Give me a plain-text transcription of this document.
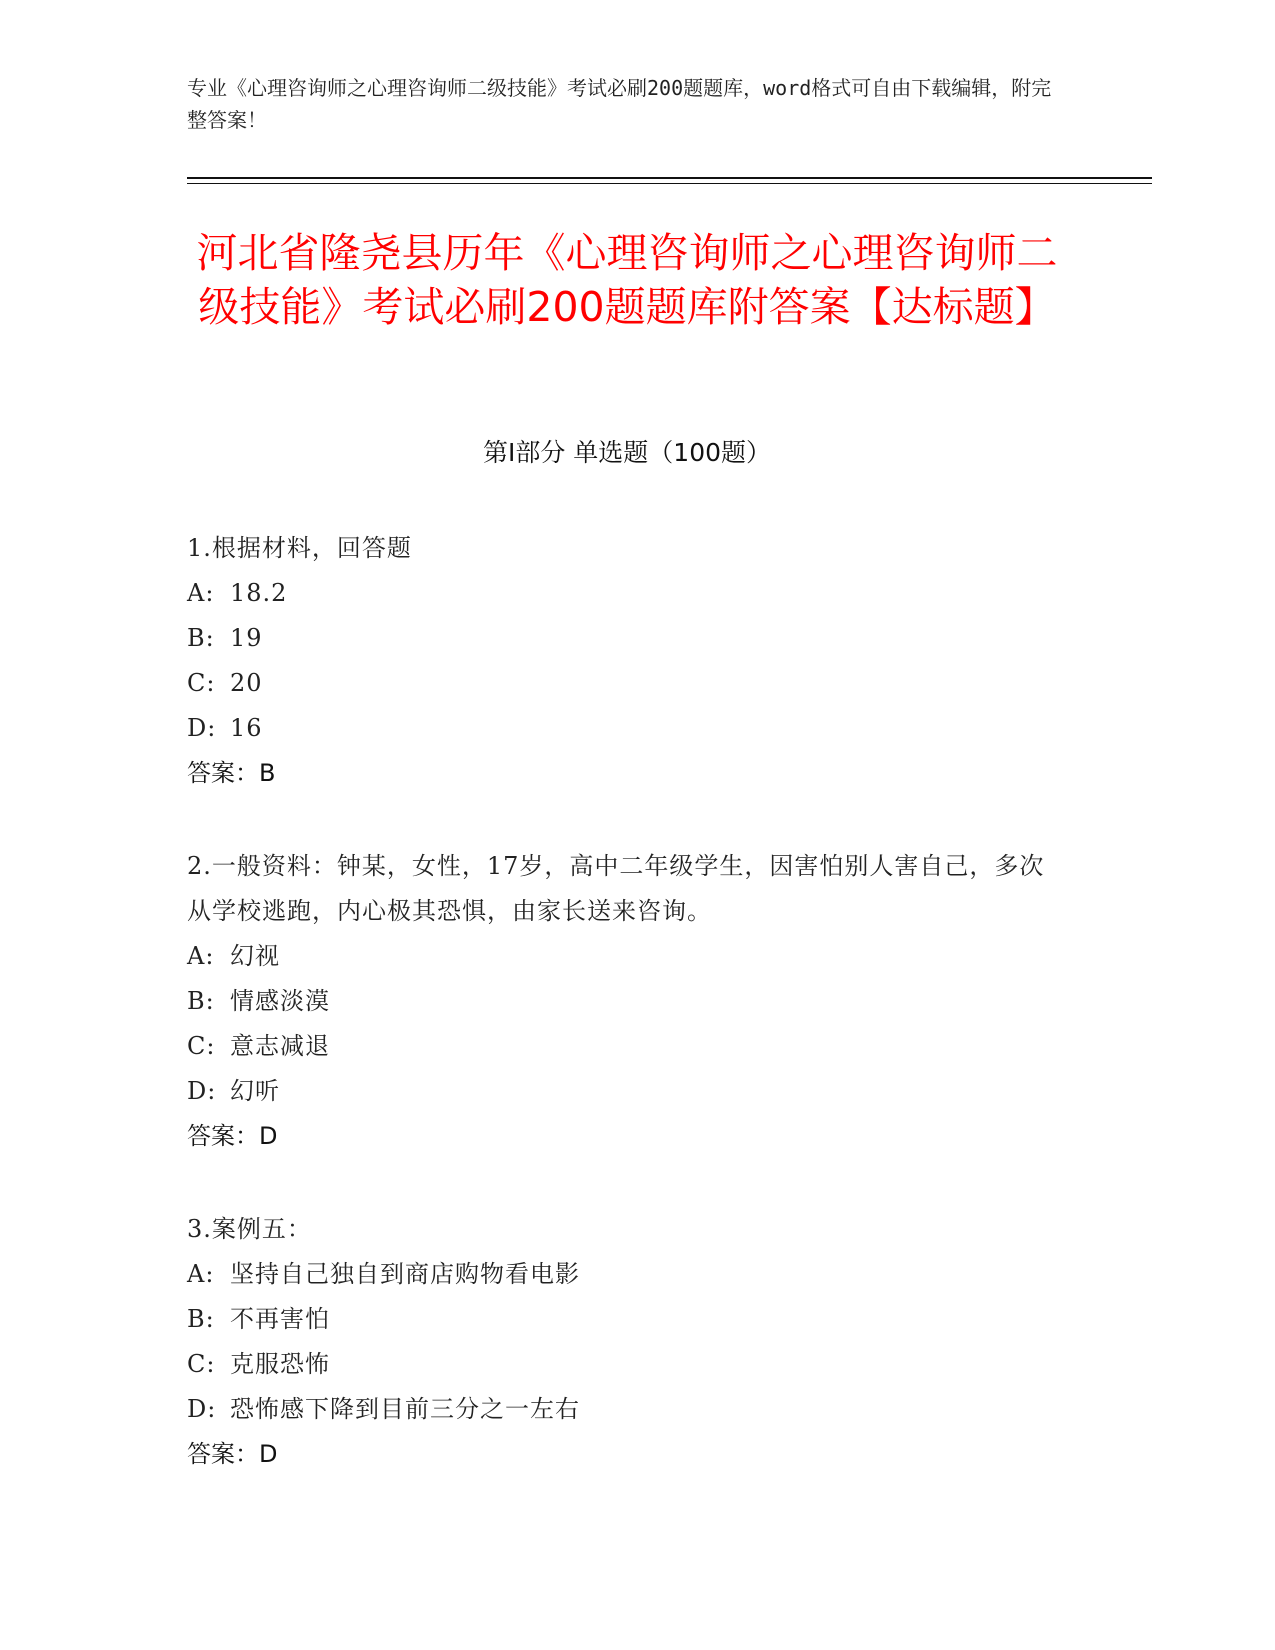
专业《心理咨询师之心理咨询师二级技能》考试必刷200题题库，word格式可自由下载编辑，附完整答案！
河北省隆尧县历年《心理咨询师之心理咨询师二级技能》考试必刷200题题库附答案【达标题】
第Ⅰ部分 单选题（100题）
1.根据材料，回答题
A: 18.2
B: 19
C: 20
D: 16
答案：B
2.一般资料：钟某，女性，17岁，高中二年级学生，因害怕别人害自己，多次从学校逃跑，内心极其恐惧，由家长送来咨询。
A: 幻视
B: 情感淡漠
C: 意志减退
D: 幻听
答案：D
3.案例五：
A: 坚持自己独自到商店购物看电影
B: 不再害怕
C: 克服恐怖
D: 恐怖感下降到目前三分之一左右
答案：D
